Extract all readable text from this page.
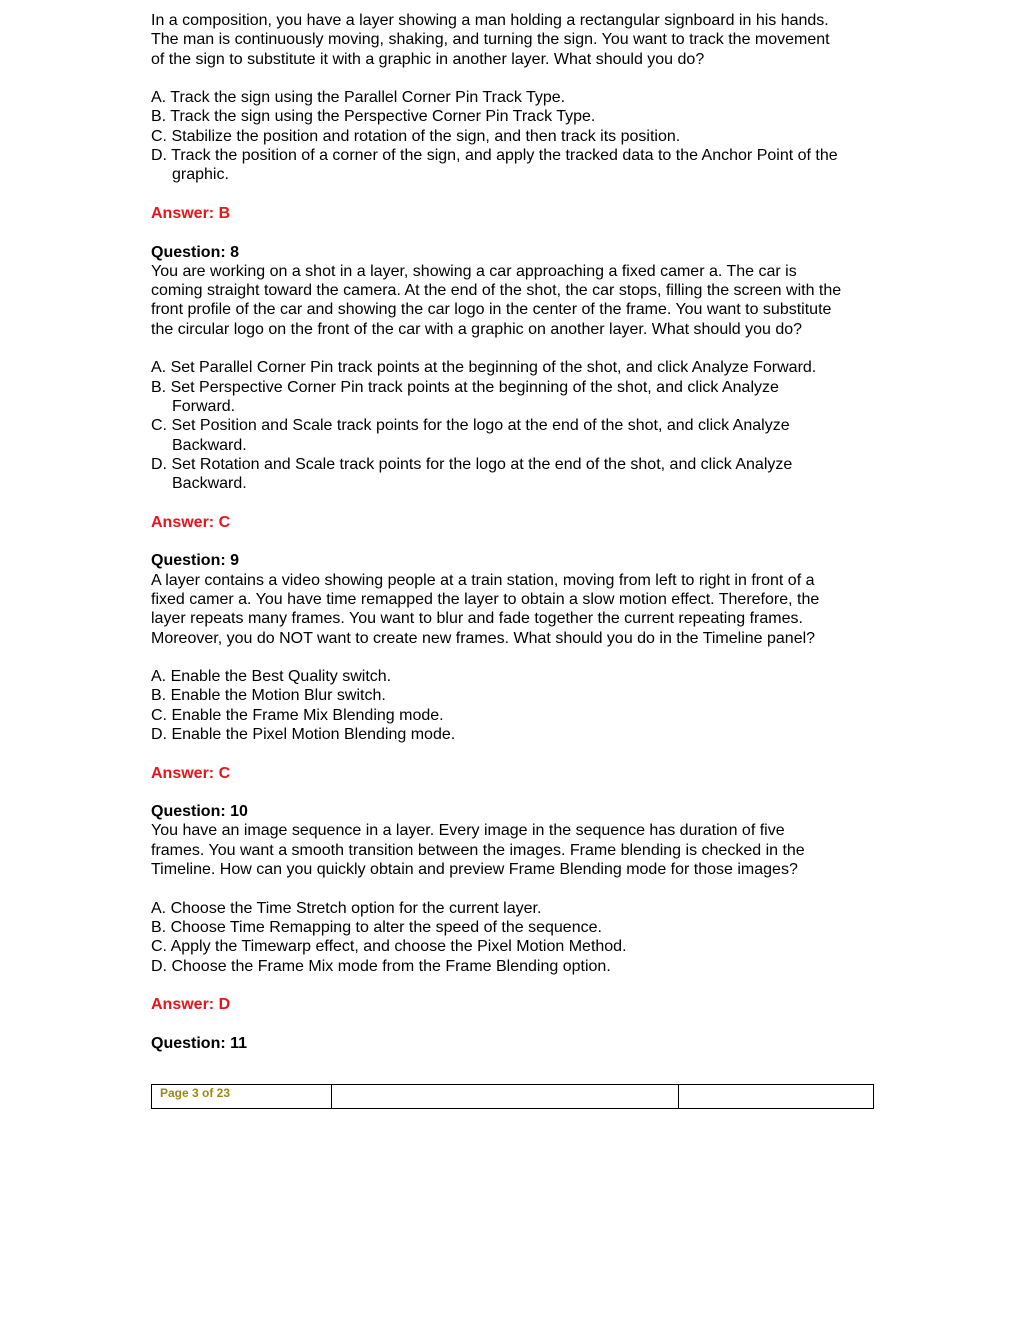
In a composition, you have a layer showing a man holding a rectangular signboard in his hands.

The man is continuously moving, shaking, and turning the sign. You want to track the movement

of the sign to substitute it with a graphic in another layer. What should you do?

A. Track the sign using the Parallel Corner Pin Track Type.

B. Track the sign using the Perspective Corner Pin Track Type.

C. Stabilize the position and rotation of the sign, and then track its position.

D. Track the position of a corner of the sign, and apply the tracked data to the Anchor Point of the graphic.

Answer: B

Question: 8

You are working on a shot in a layer, showing a car approaching a fixed camer a. The car is

coming straight toward the camera. At the end of the shot, the car stops, filling the screen with the

front profile of the car and showing the car logo in the center of the frame. You want to substitute

the circular logo on the front of the car with a graphic on another layer. What should you do?

A. Set Parallel Corner Pin track points at the beginning of the shot, and click Analyze Forward.

B. Set Perspective Corner Pin track points at the beginning of the shot, and click Analyze Forward.

C. Set Position and Scale track points for the logo at the end of the shot, and click Analyze Backward.

D. Set Rotation and Scale track points for the logo at the end of the shot, and click Analyze Backward.

Answer: C

Question: 9

A layer contains a video showing people at a train station, moving from left to right in front of a

fixed camer a. You have time remapped the layer to obtain a slow motion effect. Therefore, the

layer repeats many frames. You want to blur and fade together the current repeating frames.

Moreover, you do NOT want to create new frames. What should you do in the Timeline panel?

A. Enable the Best Quality switch.

B. Enable the Motion Blur switch.

C. Enable the Frame Mix Blending mode.

D. Enable the Pixel Motion Blending mode.

Answer: C

Question: 10

You have an image sequence in a layer. Every image in the sequence has duration of five

frames. You want a smooth transition between the images. Frame blending is checked in the

Timeline. How can you quickly obtain and preview Frame Blending mode for those images?

A. Choose the Time Stretch option for the current layer.

B. Choose Time Remapping to alter the speed of the sequence.

C. Apply the Timewarp effect, and choose the Pixel Motion Method.

D. Choose the Frame Mix mode from the Frame Blending option.

Answer: D

Question: 11

Page 3 of 23
